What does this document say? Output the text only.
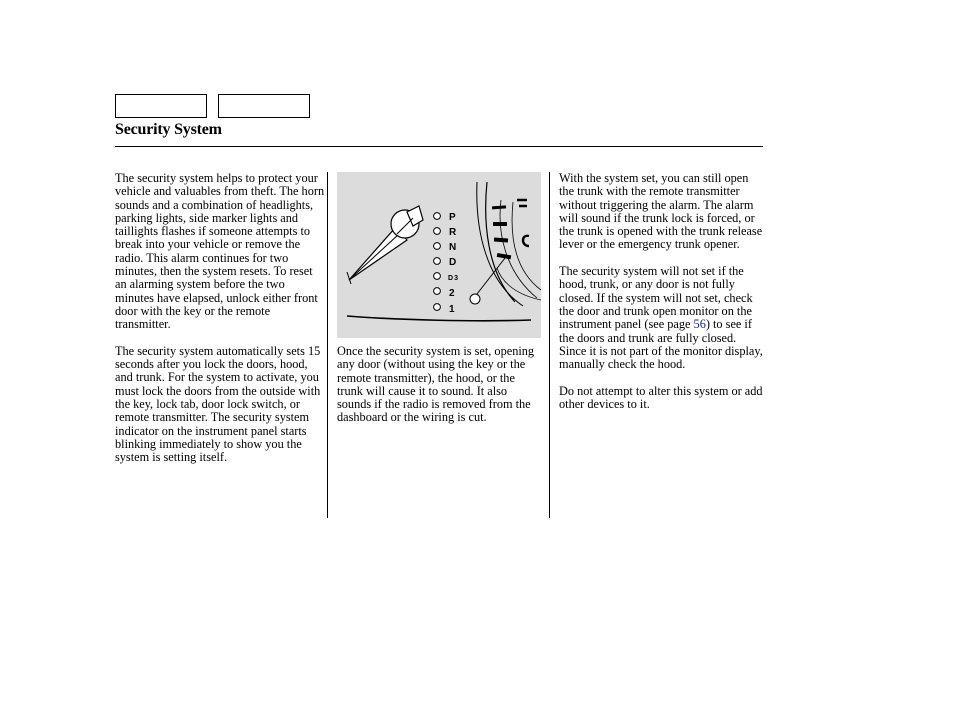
Security System

The security system helps to protect your vehicle and valuables from theft. The horn sounds and a combination of headlights, parking lights, side marker lights and taillights flashes if someone attempts to break into your vehicle or remove the radio. This alarm continues for two minutes, then the system resets. To reset an alarming system before the two minutes have elapsed, unlock either front door with the key or the remote transmitter.

The security system automatically sets 15 seconds after you lock the doors, hood, and trunk. For the system to activate, you must lock the doors from the outside with the key, lock tab, door lock switch, or remote transmitter. The security system indicator on the instrument panel starts blinking immediately to show you the system is setting itself.

P
R
N
D
D3
2
1

Once the security system is set, opening any door (without using the key or the remote transmitter), the hood, or the trunk will cause it to sound. It also sounds if the radio is removed from the dashboard or the wiring is cut.

With the system set, you can still open the trunk with the remote transmitter without triggering the alarm. The alarm will sound if the trunk lock is forced, or the trunk is opened with the trunk release lever or the emergency trunk opener.

The security system will not set if the hood, trunk, or any door is not fully closed. If the system will not set, check the door and trunk open monitor on the instrument panel (see page 56) to see if the doors and trunk are fully closed. Since it is not part of the monitor display, manually check the hood.

Do not attempt to alter this system or add other devices to it.
